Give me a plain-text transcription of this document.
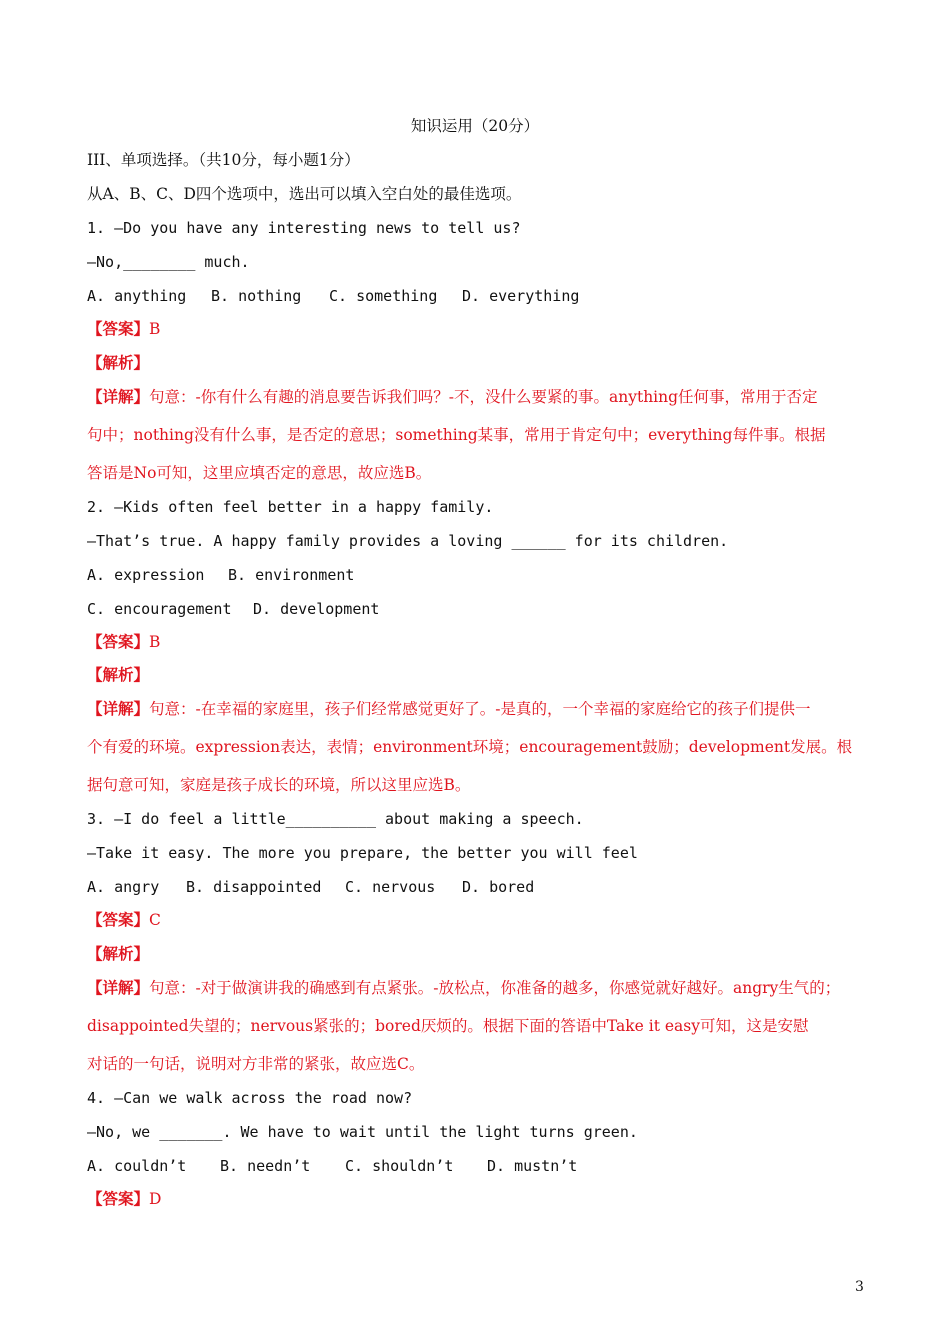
知识运用（20分）
III、单项选择。（共10分，每小题1分）
从A、B、C、D四个选项中，选出可以填入空白处的最佳选项。
1. —Do you have any interesting news to tell us?
—No,________ much.
A. anything B. nothing C. something D. everything
【答案】B
【解析】
【详解】句意：-你有什么有趣的消息要告诉我们吗？-不，没什么要紧的事。anything任何事，常用于否定
句中；nothing没有什么事，是否定的意思；something某事，常用于肯定句中；everything每件事。根据
答语是No可知，这里应填否定的意思，故应选B。
2. —Kids often feel better in a happy family.
—That’s true. A happy family provides a loving ______ for its children.
A. expression B. environment
C. encouragement D. development
【答案】B
【解析】
【详解】句意：-在幸福的家庭里，孩子们经常感觉更好了。-是真的，一个幸福的家庭给它的孩子们提供一
个有爱的环境。expression表达，表情；environment环境；encouragement鼓励；development发展。根
据句意可知，家庭是孩子成长的环境，所以这里应选B。
3. —I do feel a little__________ about making a speech.
—Take it easy. The more you prepare, the better you will feel
A. angry B. disappointed C. nervous D. bored
【答案】C
【解析】
【详解】句意：-对于做演讲我的确感到有点紧张。-放松点，你准备的越多，你感觉就好越好。angry生气的；
disappointed失望的；nervous紧张的；bored厌烦的。根据下面的答语中Take it easy可知，这是安慰
对话的一句话，说明对方非常的紧张，故应选C。
4. —Can we walk across the road now?
—No, we _______. We have to wait until the light turns green.
A. couldn’t B. needn’t C. shouldn’t D. mustn’t
【答案】D
3
